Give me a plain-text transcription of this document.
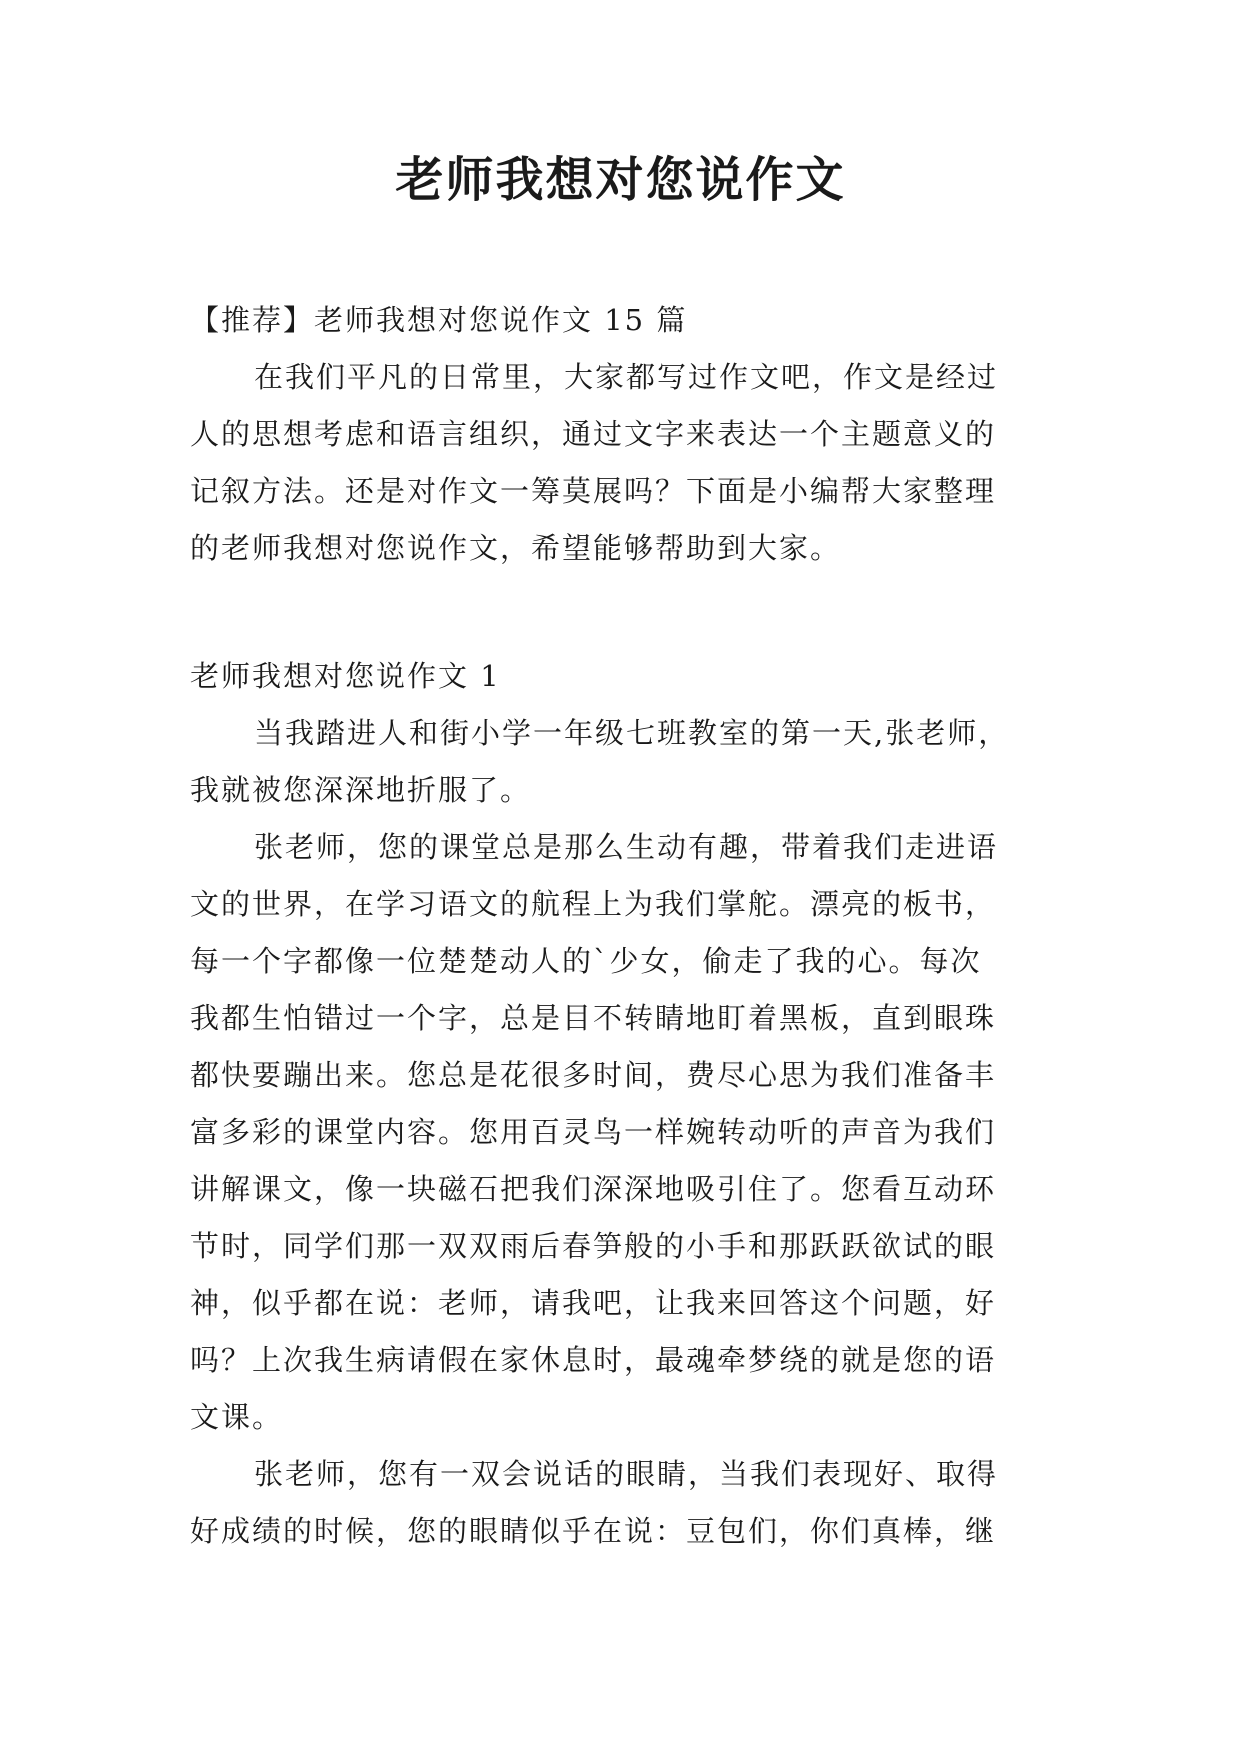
老师我想对您说作文
【推荐】老师我想对您说作文 15 篇
在我们平凡的日常里，大家都写过作文吧，作文是经过
人的思想考虑和语言组织，通过文字来表达一个主题意义的
记叙方法。还是对作文一筹莫展吗？下面是小编帮大家整理
的老师我想对您说作文，希望能够帮助到大家。
老师我想对您说作文 1
当我踏进人和街小学一年级七班教室的第一天,张老师，
我就被您深深地折服了。
张老师，您的课堂总是那么生动有趣，带着我们走进语
文的世界，在学习语文的航程上为我们掌舵。漂亮的板书，
每一个字都像一位楚楚动人的`少女，偷走了我的心。每次
我都生怕错过一个字，总是目不转睛地盯着黑板，直到眼珠
都快要蹦出来。您总是花很多时间，费尽心思为我们准备丰
富多彩的课堂内容。您用百灵鸟一样婉转动听的声音为我们
讲解课文，像一块磁石把我们深深地吸引住了。您看互动环
节时，同学们那一双双雨后春笋般的小手和那跃跃欲试的眼
神，似乎都在说：老师，请我吧，让我来回答这个问题，好
吗？上次我生病请假在家休息时，最魂牵梦绕的就是您的语
文课。
张老师，您有一双会说话的眼睛，当我们表现好、取得
好成绩的时候，您的眼睛似乎在说：豆包们，你们真棒，继
